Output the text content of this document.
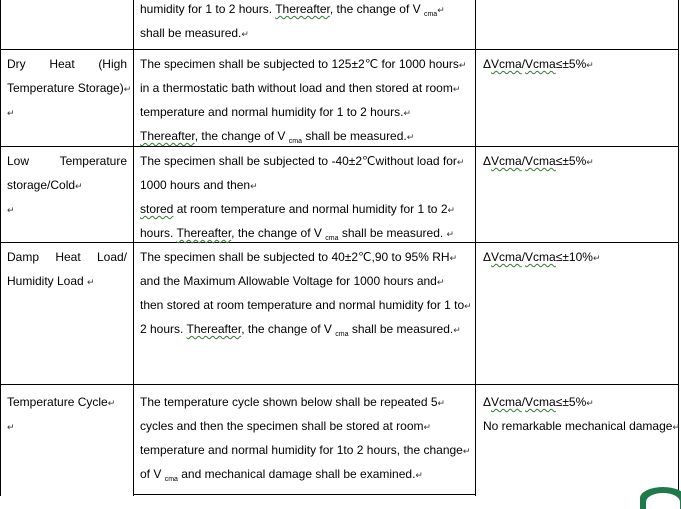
humidity for 1 to 2 hours. Thereafter, the change of V $_{cma}$↵
shall be measured.↵
Dry Heat (High
Temperature Storage)↵
↵
The specimen shall be subjected to 125±2℃ for 1000 hours↵
in a thermostatic bath without load and then stored at room↵
temperature and normal humidity for 1 to 2 hours.↵
Thereafter, the change of V $_{cma}$ shall be measured.↵
ΔVcma/Vcma≤±5%↵
Low	Temperature
storage/Cold↵
↵
The specimen shall be subjected to -40±2℃without load for↵
1000 hours and then↵
stored at room temperature and normal humidity for 1 to 2↵
hours. Thereafter, the change of V $_{cma}$ shall be measured. ↵
ΔVcma/Vcma≤±5%↵
Damp Heat Load/
Humidity Load ↵
The specimen shall be subjected to 40±2℃,90 to 95% RH↵
and the Maximum Allowable Voltage for 1000 hours and↵
then stored at room temperature and normal humidity for 1 to↵
2 hours. Thereafter, the change of V $_{cma}$ shall be measured.↵
ΔVcma/Vcma≤±10%↵
Temperature Cycle↵
↵
The temperature cycle shown below shall be repeated 5↵
cycles and then the specimen shall be stored at room↵
temperature and normal humidity for 1to 2 hours, the change↵
of V $_{cma}$ and mechanical damage shall be examined.↵
ΔVcma/Vcma≤±5%↵
No remarkable mechanical damage↵
